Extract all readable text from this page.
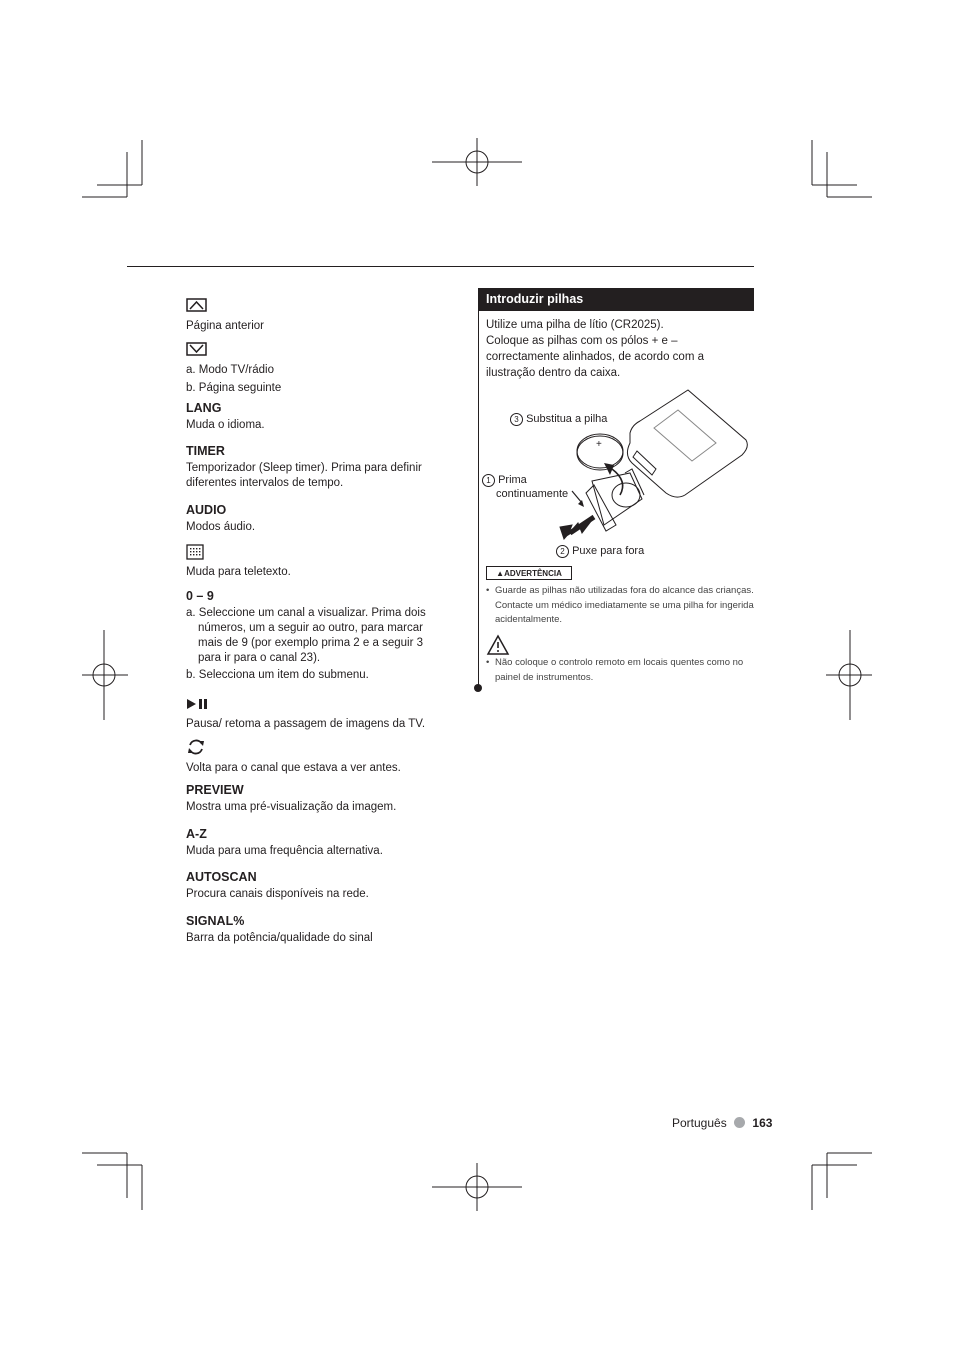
Página anterior

a. Modo TV/rádio

b. Página seguinte

LANG

Muda o idioma.

TIMER

Temporizador (Sleep timer). Prima para definir diferentes intervalos de tempo.

AUDIO

Modos áudio.

Muda para teletexto.

0 – 9

a. Seleccione um canal a visualizar. Prima dois números, um a seguir ao outro, para marcar mais de 9 (por exemplo prima 2 e a seguir 3 para ir para o canal 23).

b. Selecciona um item do submenu.

Pausa/ retoma a passagem de imagens da TV.

Volta para o canal que estava a ver antes.

PREVIEW

Mostra uma pré-visualização da imagem.

A-Z

Muda para uma frequência alternativa.

AUTOSCAN

Procura canais disponíveis na rede.

SIGNAL%

Barra da potência/qualidade do sinal

Introduzir pilhas

Utilize uma pilha de lítio (CR2025).

Coloque as pilhas com os pólos + e – correctamente alinhados, de acordo com a ilustração dentro da caixa.

+
3 Substitua a pilha
1 Prima
continuamente
2 Puxe para fora
▲ADVERTÊNCIA
• Guarde as pilhas não utilizadas fora do alcance das crianças. Contacte um médico imediatamente se uma pilha for ingerida acidentalmente.
• Não coloque o controlo remoto em locais quentes como no painel de instrumentos.
Português 163
